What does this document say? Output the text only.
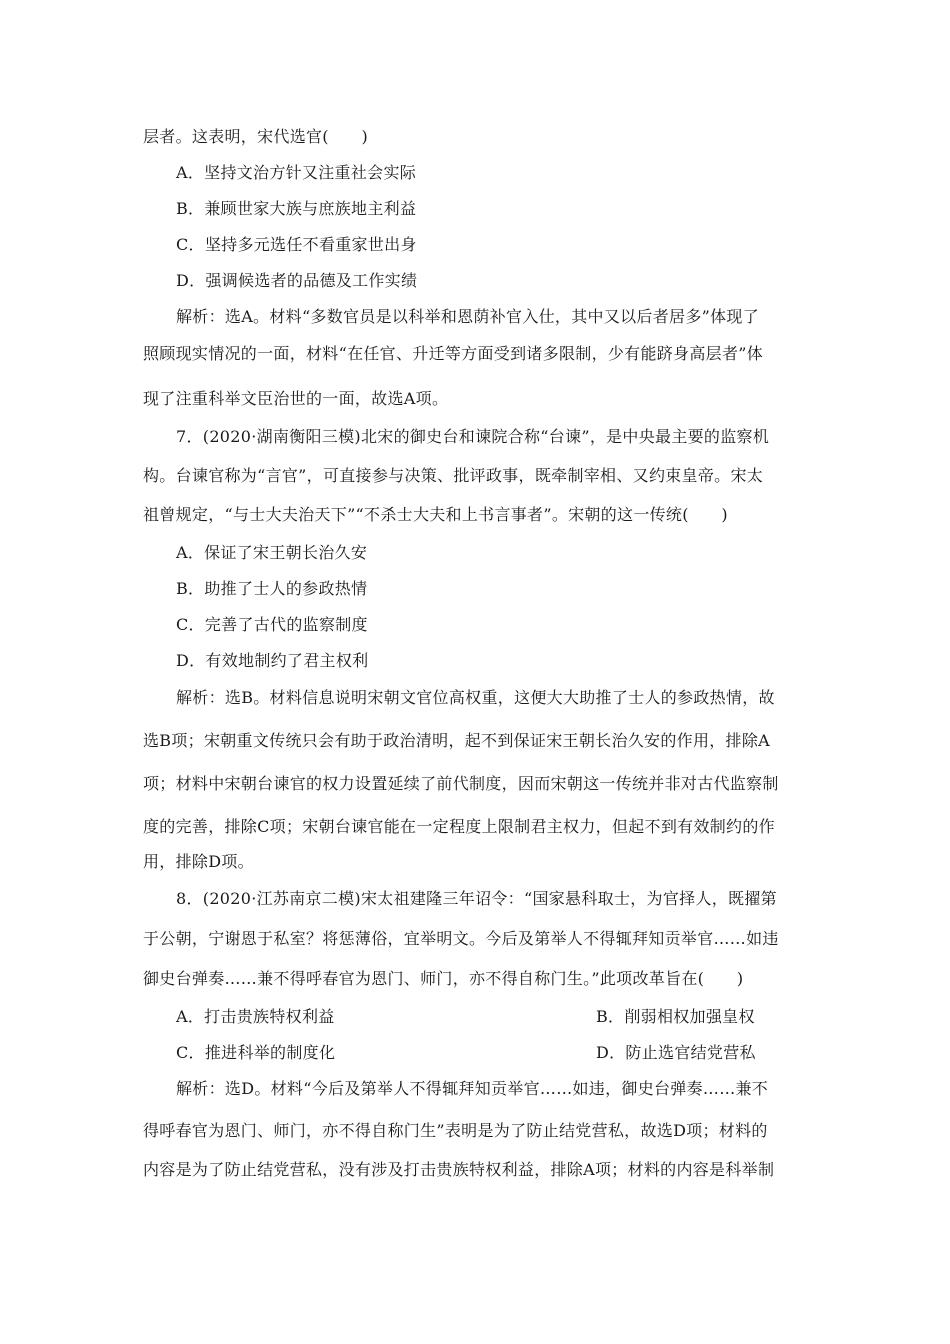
层者。这表明，宋代选官(　　)
A．坚持文治方针又注重社会实际
B．兼顾世家大族与庶族地主利益
C．坚持多元选任不看重家世出身
D．强调候选者的品德及工作实绩
解析：选A。材料“多数官员是以科举和恩荫补官入仕，其中又以后者居多”体现了
照顾现实情况的一面，材料“在任官、升迁等方面受到诸多限制，少有能跻身高层者”体
现了注重科举文臣治世的一面，故选A项。
7．(2020·湖南衡阳三模)北宋的御史台和谏院合称“台谏”，是中央最主要的监察机
构。台谏官称为“言官”，可直接参与决策、批评政事，既牵制宰相、又约束皇帝。宋太
祖曾规定，“与士大夫治天下”“不杀士大夫和上书言事者”。宋朝的这一传统(　　)
A．保证了宋王朝长治久安
B．助推了士人的参政热情
C．完善了古代的监察制度
D．有效地制约了君主权利
解析：选B。材料信息说明宋朝文官位高权重，这便大大助推了士人的参政热情，故
选B项；宋朝重文传统只会有助于政治清明，起不到保证宋王朝长治久安的作用，排除A
项；材料中宋朝台谏官的权力设置延续了前代制度，因而宋朝这一传统并非对古代监察制
度的完善，排除C项；宋朝台谏官能在一定程度上限制君主权力，但起不到有效制约的作
用，排除D项。
8．(2020·江苏南京二模)宋太祖建隆三年诏令：“国家悬科取士，为官择人，既擢第
于公朝，宁谢恩于私室？将惩薄俗，宜举明文。今后及第举人不得辄拜知贡举官……如违
御史台弹奏……兼不得呼春官为恩门、师门，亦不得自称门生。”此项改革旨在(　　)
A．打击贵族特权利益	B．削弱相权加强皇权
C．推进科举的制度化	D．防止选官结党营私
解析：选D。材料“今后及第举人不得辄拜知贡举官……如违，御史台弹奏……兼不
得呼春官为恩门、师门，亦不得自称门生”表明是为了防止结党营私，故选D项；材料的
内容是为了防止结党营私，没有涉及打击贵族特权利益，排除A项；材料的内容是科举制
